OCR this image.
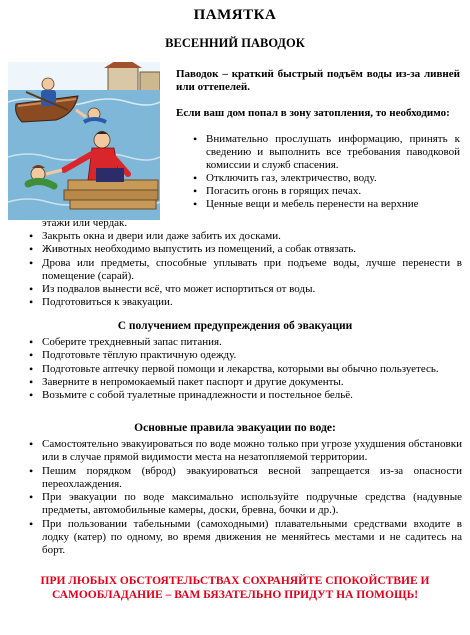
ПАМЯТКА
ВЕСЕННИЙ ПАВОДОК
Паводок – краткий быстрый подъём воды из-за ливней или оттепелей.
Если ваш дом попал в зону затопления, то необходимо:
• Внимательно прослушать информацию, принять к сведению и выполнить все требования паводковой комиссии и служб спасения.
• Отключить газ, электричество, воду.
• Погасить огонь в горящих печах.
• Ценные вещи и мебель перенести на верхние
этажи или чердак.
• Закрыть окна и двери или даже забить их досками.
• Животных необходимо выпустить из помещений, а собак отвязать.
• Дрова или предметы, способные уплывать при подъеме воды, лучше перенести в помещение (сарай).
• Из подвалов вынести всё, что может испортиться от воды.
• Подготовиться к эвакуации.
С получением предупреждения об эвакуации
• Соберите трехдневный запас питания.
• Подготовьте тёплую практичную одежду.
• Подготовьте аптечку первой помощи и лекарства, которыми вы обычно пользуетесь.
• Заверните в непромокаемый пакет паспорт и другие документы.
• Возьмите с собой туалетные принадлежности и постельное бельё.
Основные правила эвакуации по воде:
• Самостоятельно эвакуироваться по воде можно только при угрозе ухудшения обстановки или в случае прямой видимости места на незатопляемой территории.
• Пешим порядком (вброд) эвакуироваться весной запрещается из-за опасности переохлаждения.
• При эвакуации по воде максимально используйте подручные средства (надувные предметы, автомобильные камеры, доски, бревна, бочки и др.).
• При пользовании табельными (самоходными) плавательными средствами входите в лодку (катер) по одному, во время движения не меняйтесь местами и не садитесь на борт.
ПРИ ЛЮБЫХ ОБСТОЯТЕЛЬСТВАХ СОХРАНЯЙТЕ СПОКОЙСТВИЕ И САМООБЛАДАНИЕ – ВАМ БЯЗАТЕЛЬНО ПРИДУТ НА ПОМОЩЬ!
